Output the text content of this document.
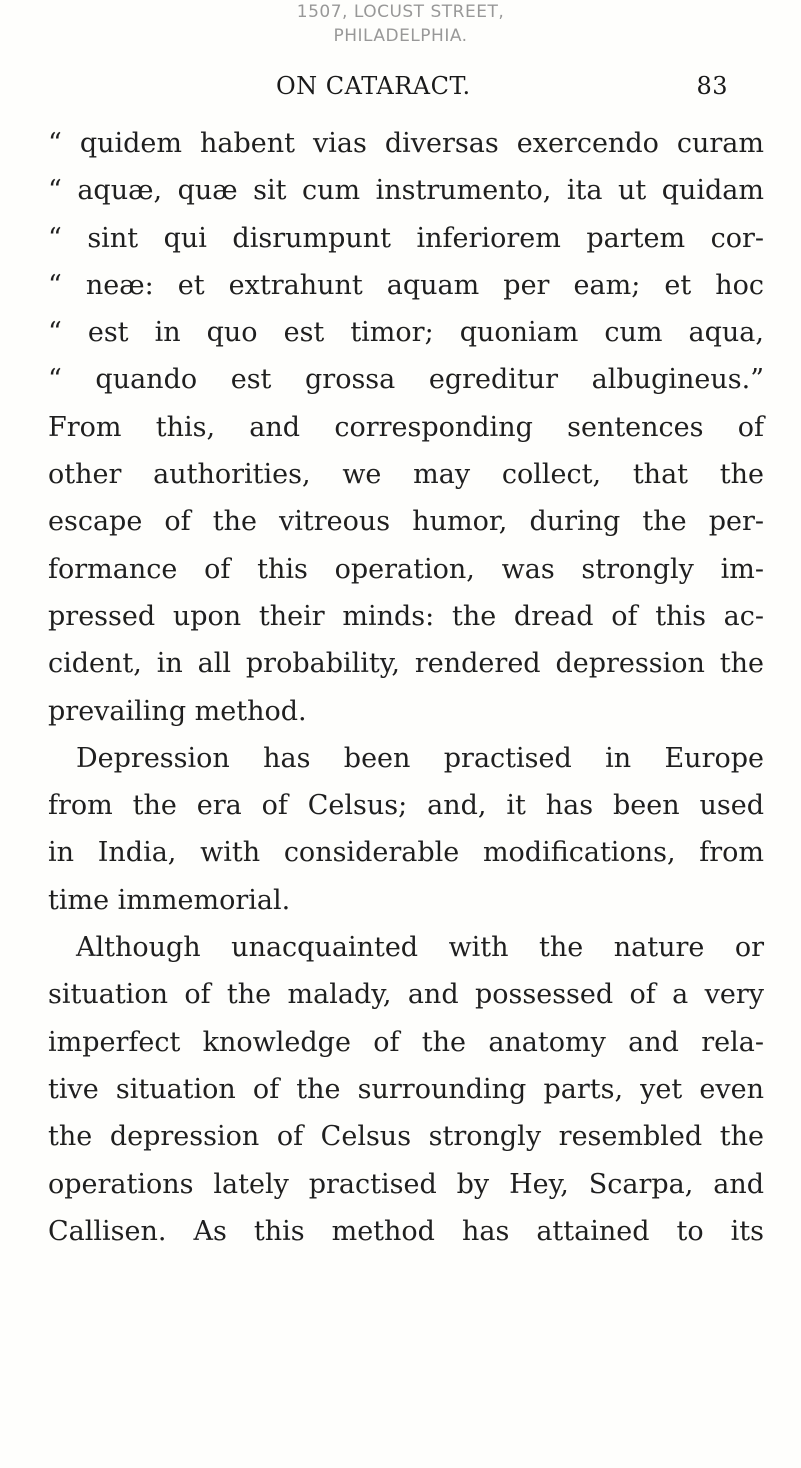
1507, LOCUST STREET,
PHILADELPHIA.
ON CATARACT.	83
“ quidem habent vias diversas exercendo curam
“ aquæ, quæ sit cum instrumento, ita ut quidam
“ sint qui disrumpunt inferiorem partem cor-
“ neæ: et extrahunt aquam per eam; et hoc
“ est in quo est timor; quoniam cum aqua,
“ quando est grossa egreditur albugineus.”
From this, and corresponding sentences of
other authorities, we may collect, that the
escape of the vitreous humor, during the per-
formance of this operation, was strongly im-
pressed upon their minds: the dread of this ac-
cident, in all probability, rendered depression the
prevailing method.
Depression has been practised in Europe
from the era of Celsus; and, it has been used
in India, with considerable modifications, from
time immemorial.
Although unacquainted with the nature or
situation of the malady, and possessed of a very
imperfect knowledge of the anatomy and rela-
tive situation of the surrounding parts, yet even
the depression of Celsus strongly resembled the
operations lately practised by Hey, Scarpa, and
Callisen. As this method has attained to its
